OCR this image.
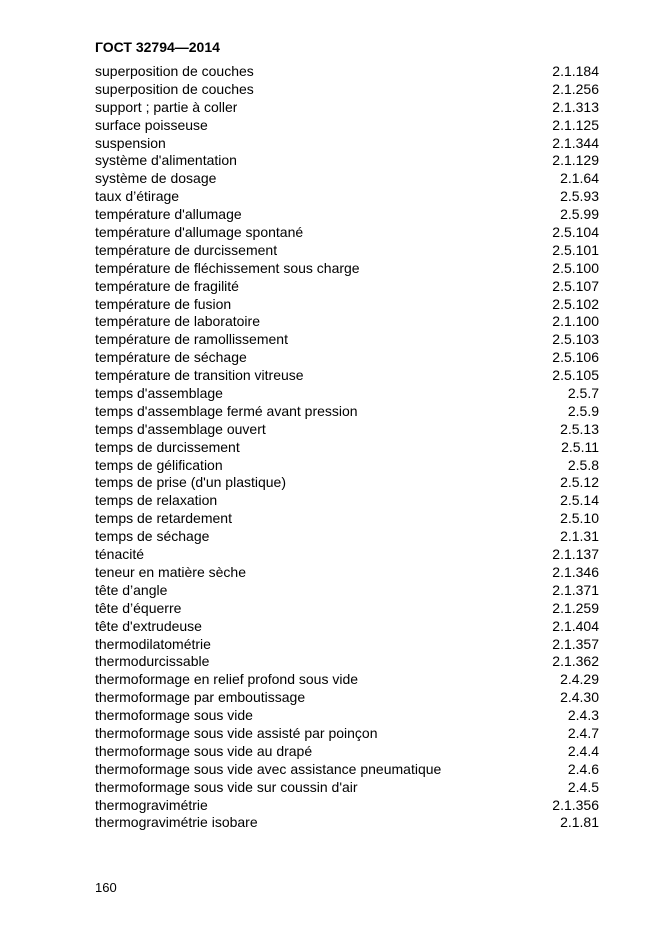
ГОСТ 32794—2014
superposition de couches	2.1.184
superposition de couches	2.1.256
support ; partie à coller	2.1.313
surface poisseuse	2.1.125
suspension	2.1.344
système d'alimentation	2.1.129
système de dosage	2.1.64
taux d’étirage	2.5.93
température d'allumage	2.5.99
température d'allumage spontané	2.5.104
température de durcissement	2.5.101
température de fléchissement sous charge	2.5.100
température de fragilité	2.5.107
température de fusion	2.5.102
température de laboratoire	2.1.100
température de ramollissement	2.5.103
température de séchage	2.5.106
température de transition vitreuse	2.5.105
temps d'assemblage	2.5.7
temps d'assemblage fermé avant pression	2.5.9
temps d'assemblage ouvert	2.5.13
temps de durcissement	2.5.11
temps de gélification	2.5.8
temps de prise (d'un plastique)	2.5.12
temps de relaxation	2.5.14
temps de retardement	2.5.10
temps de séchage	2.1.31
ténacité	2.1.137
teneur en matière sèche	2.1.346
tête d’angle	2.1.371
tête d’équerre	2.1.259
tête d'extrudeuse	2.1.404
thermodilatométrie	2.1.357
thermodurcissable	2.1.362
thermoformage en relief profond sous vide	2.4.29
thermoformage par emboutissage	2.4.30
thermoformage sous vide	2.4.3
thermoformage sous vide assisté par poinçon	2.4.7
thermoformage sous vide au drapé	2.4.4
thermoformage sous vide avec assistance pneumatique	2.4.6
thermoformage sous vide sur coussin d'air	2.4.5
thermogravimétrie	2.1.356
thermogravimétrie isobare	2.1.81
160
